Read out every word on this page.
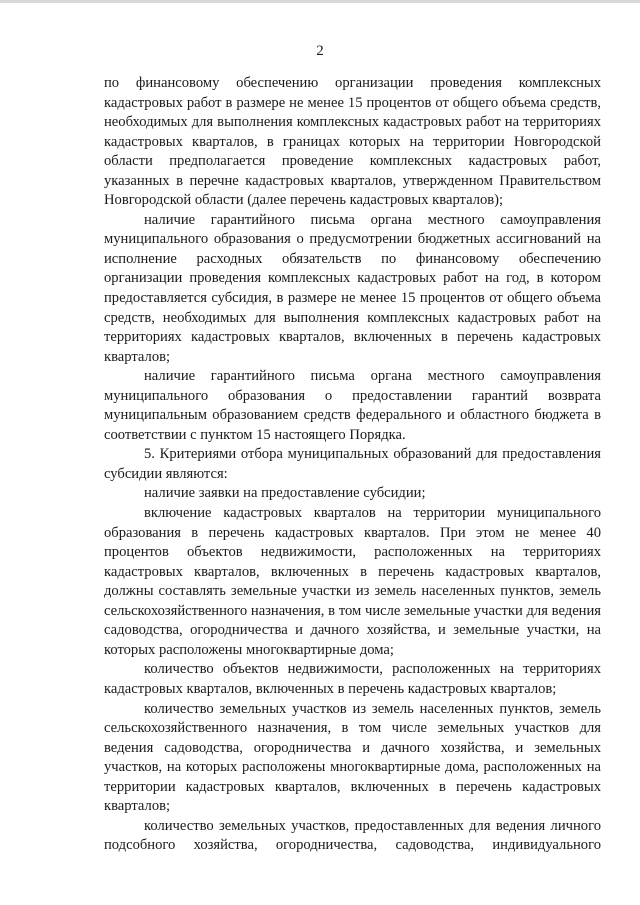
2

по финансовому обеспечению организации проведения комплексных кадастровых работ в размере не менее 15 процентов от общего объема средств, необходимых для выполнения комплексных кадастровых работ на территориях кадастровых кварталов, в границах которых на территории Новгородской области предполагается проведение комплексных кадастровых работ, указанных в перечне кадастровых кварталов, утвержденном Правительством Новгородской области (далее перечень кадастровых кварталов);

наличие гарантийного письма органа местного самоуправления муниципального образования о предусмотрении бюджетных ассигнований на исполнение расходных обязательств по финансовому обеспечению организации проведения комплексных кадастровых работ на год, в котором предоставляется субсидия, в размере не менее 15 процентов от общего объема средств, необходимых для выполнения комплексных кадастровых работ на территориях кадастровых кварталов, включенных в перечень кадастровых кварталов;

наличие гарантийного письма органа местного самоуправления муниципального образования о предоставлении гарантий возврата муниципальным образованием средств федерального и областного бюджета в соответствии с пунктом 15 настоящего Порядка.

5. Критериями отбора муниципальных образований для предоставления субсидии являются:

наличие заявки на предоставление субсидии;

включение кадастровых кварталов на территории муниципального образования в перечень кадастровых кварталов. При этом не менее 40 процентов объектов недвижимости, расположенных на территориях кадастровых кварталов, включенных в перечень кадастровых кварталов, должны составлять земельные участки из земель населенных пунктов, земель сельскохозяйственного назначения, в том числе земельные участки для ведения садоводства, огородничества и дачного хозяйства, и земельные участки, на которых расположены многоквартирные дома;

количество объектов недвижимости, расположенных на территориях кадастровых кварталов, включенных в перечень кадастровых кварталов;

количество земельных участков из земель населенных пунктов, земель сельскохозяйственного назначения, в том числе земельных участков для ведения садоводства, огородничества и дачного хозяйства, и земельных участков, на которых расположены многоквартирные дома, расположенных на территории кадастровых кварталов, включенных в перечень кадастровых кварталов;

количество земельных участков, предоставленных для ведения личного подсобного хозяйства, огородничества, садоводства, индивидуального
